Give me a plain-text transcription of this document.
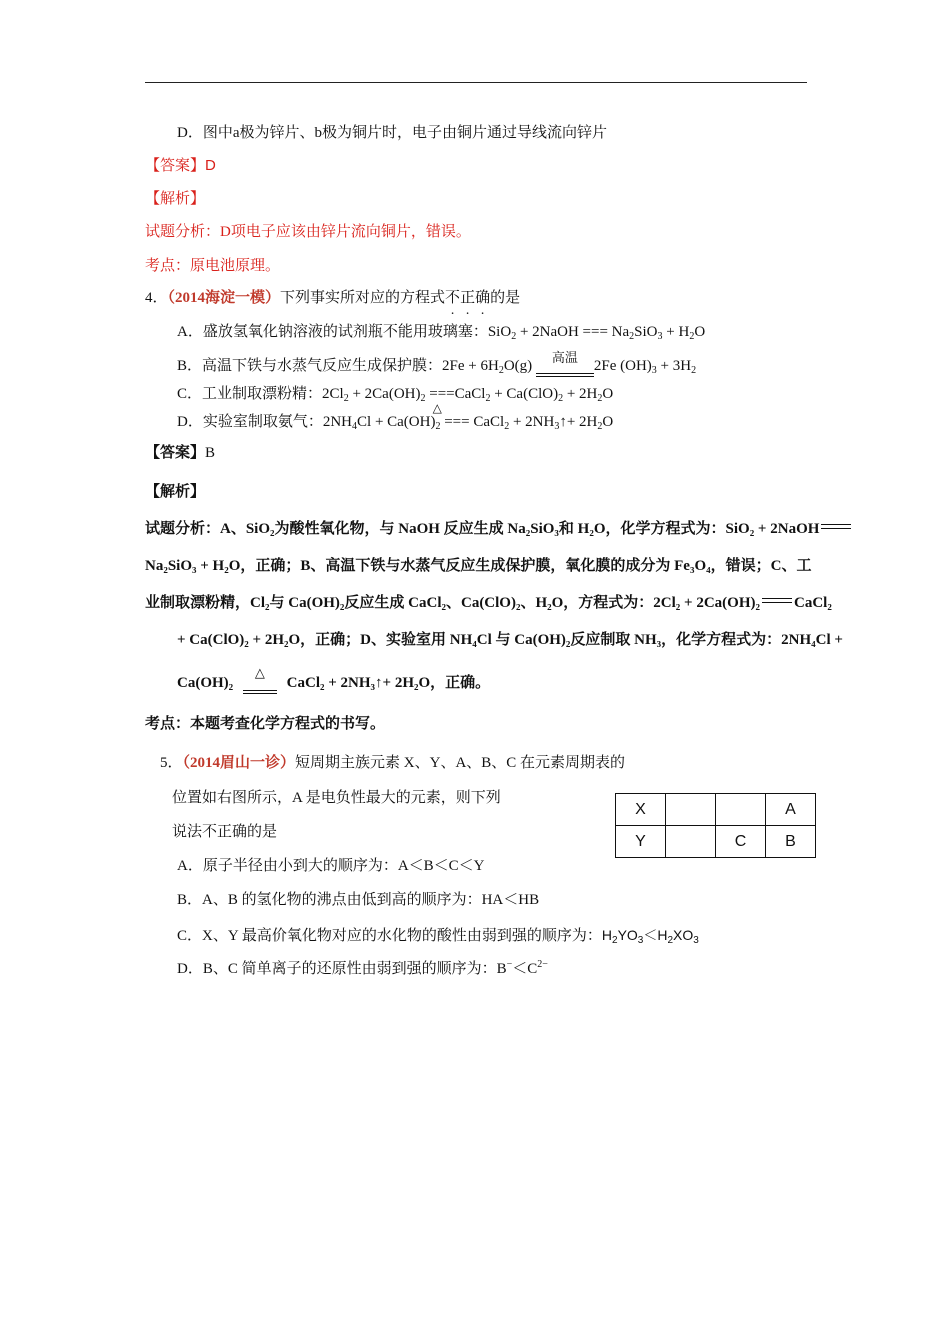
D．图中a极为锌片、b极为铜片时，电子由铜片通过导线流向锌片
【答案】D
【解析】
试题分析：D项电子应该由锌片流向铜片，错误。
考点：原电池原理。
4．（2014海淀一模）下列事实所对应的方程式不正确的是
A．盛放氢氧化钠溶液的试剂瓶不能用玻璃塞：SiO$_2$ + 2NaOH === $Na_2SiO_3 + H_2O$
B．高温下铁与水蒸气反应生成保护膜：$2Fe + 6H_2O(g)$
高温
2Fe $(OH)_3 + 3H_2$
C．工业制取漂粉精：$2Cl_2 + 2Ca(OH)_2$ ===
△
CaCl$_2$ + $Ca(ClO)_2 + 2H_2O$
D．实验室制取氨气：$2NH_4Cl + Ca(OH)_2$ === CaCl$_2$ + $2NH_3↑+ 2H_2O$
【答案】B
【解析】
试题分析：A、SiO₂为酸性氧化物，与 NaOH 反应生成 Na₂SiO₃和 H₂O，化学方程式为：SiO₂ + 2NaOH
Na₂SiO₃ + H₂O，正确；B、高温下铁与水蒸气反应生成保护膜，氧化膜的成分为 Fe₃O₄，错误；C、工
业制取漂粉精，Cl₂与 Ca(OH)₂反应生成 CaCl₂、Ca(ClO)₂、H₂O，方程式为：2Cl₂ + 2Ca(OH)₂ CaCl₂
+ Ca(ClO)₂ + 2H₂O，正确；D、实验室用 NH₄Cl 与 Ca(OH)₂反应制取 NH₃，化学方程式为：2NH₄Cl +
Ca(OH)₂
△
CaCl₂ + 2NH₃↑+ 2H₂O，正确。
考点：本题考查化学方程式的书写。
5．（2014眉山一诊）短周期主族元素 X、Y、A、B、C 在元素周期表的
位置如右图所示，A 是电负性最大的元素，则下列
说法不正确的是
X			A
Y		C	B
A．原子半径由小到大的顺序为：A＜B＜C＜Y
B．A、B 的氢化物的沸点由低到高的顺序为：HA＜HB
C．X、Y 最高价氧化物对应的水化物的酸性由弱到强的顺序为：$H_2YO_3<H_2XO_3$
D．B、C 简单离子的还原性由弱到强的顺序为：$B^-<C^{2-}$
